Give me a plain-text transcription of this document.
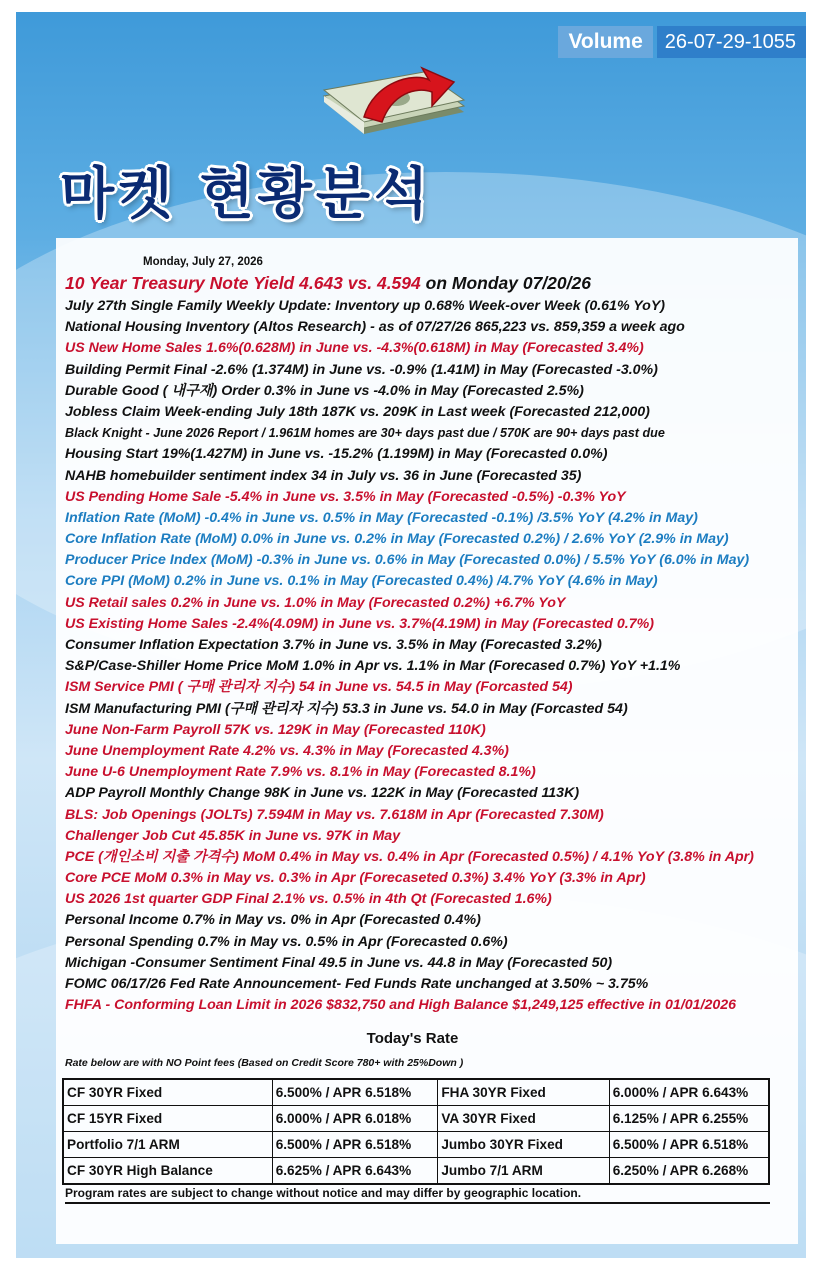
Volume	26-07-29-1055
마켓 현황분석
Monday, July 27, 2026
10 Year Treasury Note Yield 4.643 vs. 4.594 on Monday 07/20/26
July 27th Single Family Weekly Update: Inventory up 0.68% Week-over Week (0.61% YoY)
National Housing Inventory (Altos Research) - as of 07/27/26 865,223 vs. 859,359 a week ago
US New Home Sales 1.6%(0.628M) in June vs. -4.3%(0.618M) in May (Forecasted 3.4%)
Building Permit Final -2.6% (1.374M) in June vs. -0.9% (1.41M) in May (Forecasted -3.0%)
Durable Good ( 내구재) Order 0.3% in June vs -4.0% in May (Forecasted 2.5%)
Jobless Claim Week-ending July 18th 187K vs. 209K in Last week (Forecasted 212,000)
Black Knight - June 2026 Report / 1.961M homes are 30+ days past due / 570K are 90+ days past due
Housing Start 19%(1.427M) in June vs. -15.2% (1.199M) in May (Forecasted 0.0%)
NAHB homebuilder sentiment index 34 in July vs. 36 in June (Forecasted 35)
US Pending Home Sale -5.4% in June vs. 3.5% in May (Forecasted -0.5%) -0.3% YoY
Inflation Rate (MoM) -0.4% in June vs. 0.5% in May (Forecasted -0.1%) /3.5% YoY (4.2% in May)
Core Inflation Rate (MoM) 0.0% in June vs. 0.2% in May (Forecasted 0.2%) / 2.6% YoY (2.9% in May)
Producer Price Index (MoM) -0.3% in June vs. 0.6% in May (Forecasted 0.0%) / 5.5% YoY (6.0% in May)
Core PPI (MoM) 0.2% in June vs. 0.1% in May (Forecasted 0.4%) /4.7% YoY (4.6% in May)
US Retail sales 0.2% in June vs. 1.0% in May (Forecasted 0.2%) +6.7% YoY
US Existing Home Sales -2.4%(4.09M) in June vs. 3.7%(4.19M) in May (Forecasted 0.7%)
Consumer Inflation Expectation 3.7% in June vs. 3.5% in May (Forecasted 3.2%)
S&P/Case-Shiller Home Price MoM 1.0% in Apr vs. 1.1% in Mar (Forecased 0.7%) YoY +1.1%
ISM Service PMI ( 구매 관리자 지수) 54 in June vs. 54.5 in May (Forcasted 54)
ISM Manufacturing PMI (구매 관리자 지수) 53.3 in June vs. 54.0 in May (Forcasted 54)
June Non-Farm Payroll 57K vs. 129K in May (Forecasted 110K)
June Unemployment Rate 4.2% vs. 4.3% in May (Forecasted 4.3%)
June U-6 Unemployment Rate 7.9% vs. 8.1% in May (Forecasted 8.1%)
ADP Payroll Monthly Change 98K in June vs. 122K in May (Forecasted 113K)
BLS: Job Openings (JOLTs) 7.594M in May vs. 7.618M in Apr (Forecasted 7.30M)
Challenger Job Cut 45.85K in June vs. 97K in May
PCE (개인소비 지출 가격수) MoM 0.4% in May vs. 0.4% in Apr (Forecasted 0.5%) / 4.1% YoY (3.8% in Apr)
Core PCE MoM 0.3% in May vs. 0.3% in Apr (Forecaseted 0.3%) 3.4% YoY (3.3% in Apr)
US 2026 1st quarter GDP Final 2.1% vs. 0.5% in 4th Qt (Forecasted 1.6%)
Personal Income 0.7% in May vs. 0% in Apr (Forecasted 0.4%)
Personal Spending 0.7% in May vs. 0.5% in Apr (Forecasted 0.6%)
Michigan -Consumer Sentiment Final 49.5 in June vs. 44.8 in May (Forecasted 50)
FOMC 06/17/26 Fed Rate Announcement- Fed Funds Rate unchanged at 3.50% ~ 3.75%
FHFA - Conforming Loan Limit in 2026 $832,750 and High Balance $1,249,125 effective in 01/01/2026
Today's Rate
Rate below are with NO Point fees (Based on Credit Score 780+ with 25%Down )
CF 30YR Fixed	6.500% / APR 6.518%	FHA 30YR Fixed	6.000% / APR 6.643%
CF 15YR Fixed	6.000% / APR 6.018%	VA 30YR Fixed	6.125% / APR 6.255%
Portfolio 7/1 ARM	6.500% / APR 6.518%	Jumbo 30YR Fixed	6.500% / APR 6.518%
CF 30YR High Balance	6.625% / APR 6.643%	Jumbo 7/1 ARM	6.250% / APR 6.268%
Program rates are subject to change without notice and may differ by geographic location.
